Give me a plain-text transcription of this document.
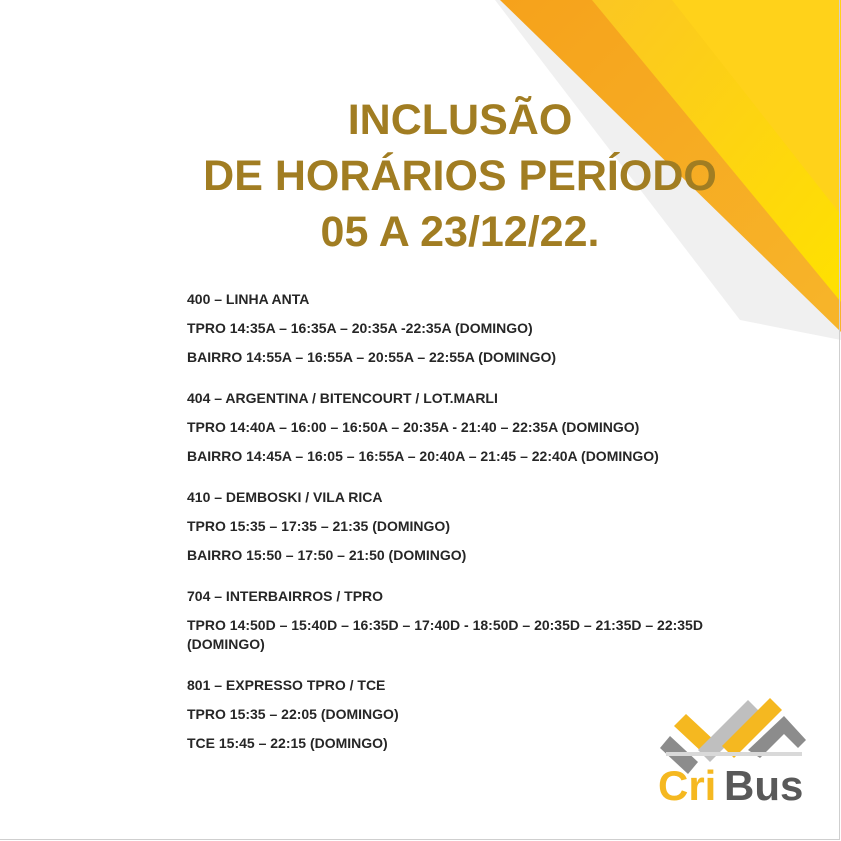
INCLUSÃO
DE HORÁRIOS PERÍODO
05 A 23/12/22.

400 – LINHA ANTA

TPRO 14:35A – 16:35A – 20:35A -22:35A (DOMINGO)

BAIRRO 14:55A – 16:55A – 20:55A – 22:55A (DOMINGO)

404 – ARGENTINA / BITENCOURT / LOT.MARLI

TPRO 14:40A – 16:00 – 16:50A – 20:35A - 21:40 – 22:35A (DOMINGO)

BAIRRO 14:45A – 16:05 – 16:55A – 20:40A – 21:45 – 22:40A (DOMINGO)

410 – DEMBOSKI / VILA RICA

TPRO 15:35 – 17:35 – 21:35 (DOMINGO)

BAIRRO 15:50 – 17:50 – 21:50 (DOMINGO)

704 – INTERBAIRROS / TPRO

TPRO 14:50D – 15:40D – 16:35D – 17:40D - 18:50D – 20:35D – 21:35D – 22:35D (DOMINGO)

801 – EXPRESSO TPRO / TCE

TPRO 15:35 – 22:05 (DOMINGO)

TCE 15:45 – 22:15 (DOMINGO)

Cri Bus
